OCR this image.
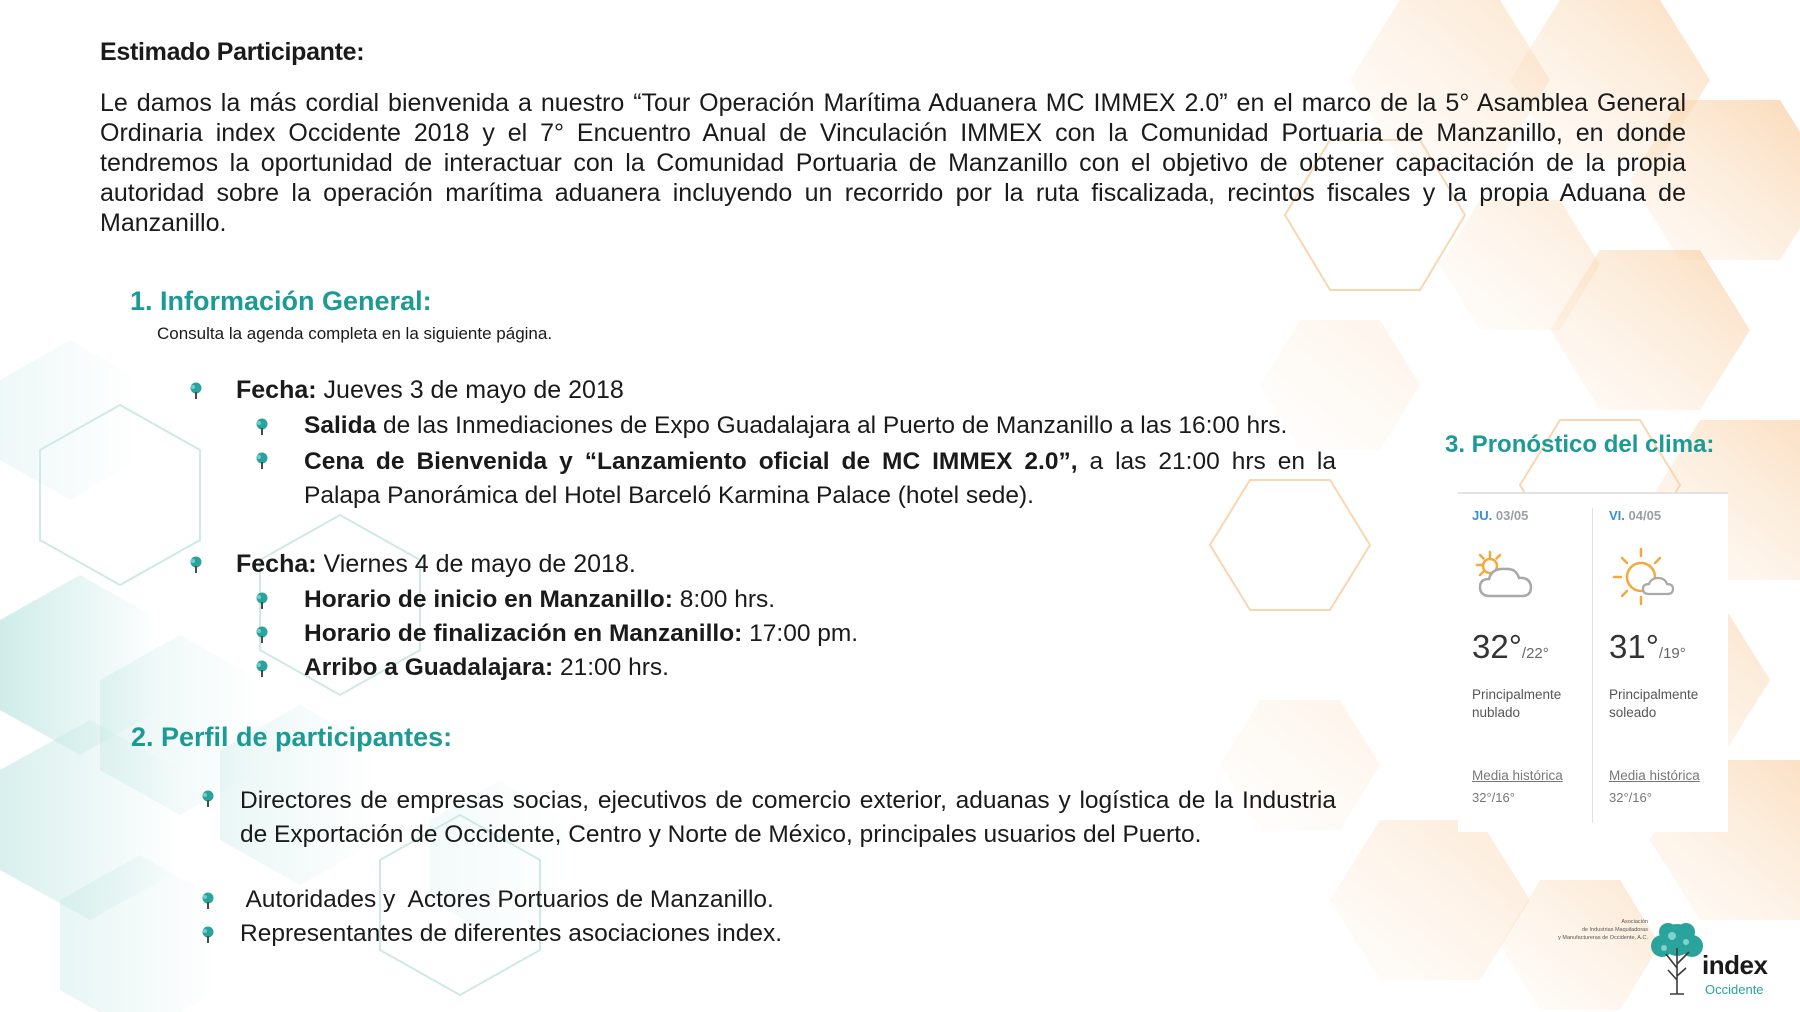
Estimado Participante:
Le damos la más cordial bienvenida a nuestro “Tour Operación Marítima Aduanera MC IMMEX 2.0” en el marco de la 5° Asamblea General Ordinaria index Occidente 2018 y el 7° Encuentro Anual de Vinculación IMMEX con la Comunidad Portuaria de Manzanillo, en donde tendremos la oportunidad de interactuar con la Comunidad Portuaria de Manzanillo con el objetivo de obtener capacitación de la propia autoridad sobre la operación marítima aduanera incluyendo un recorrido por la ruta fiscalizada, recintos fiscales y la propia Aduana de Manzanillo.
1. Información General:
Consulta la agenda completa en la siguiente página.
Fecha: Jueves 3 de mayo de 2018
Salida de las Inmediaciones de Expo Guadalajara al Puerto de Manzanillo a las 16:00 hrs.
Cena de Bienvenida y “Lanzamiento oficial de MC IMMEX 2.0”, a las 21:00 hrs en la Palapa Panorámica del Hotel Barceló Karmina Palace (hotel sede).
Fecha: Viernes 4 de mayo de 2018.
Horario de inicio en Manzanillo: 8:00 hrs.
Horario de finalización en Manzanillo: 17:00 pm.
Arribo a Guadalajara: 21:00 hrs.
2. Perfil de participantes:
Directores de empresas socias, ejecutivos de comercio exterior, aduanas y logística de la Industria de Exportación de Occidente, Centro y Norte de México, principales usuarios del Puerto.
Autoridades y  Actores Portuarios de Manzanillo.
Representantes de diferentes asociaciones index.
3. Pronóstico del clima:
JU. 03/05
32°/22°
Principalmente nublado
Media histórica
32°/16°
VI. 04/05
31°/19°
Principalmente soleado
Media histórica
32°/16°
Asociación
de Industrias Maquiladoras
y Manufactureras de Occidente, A.C.
index
Occidente
